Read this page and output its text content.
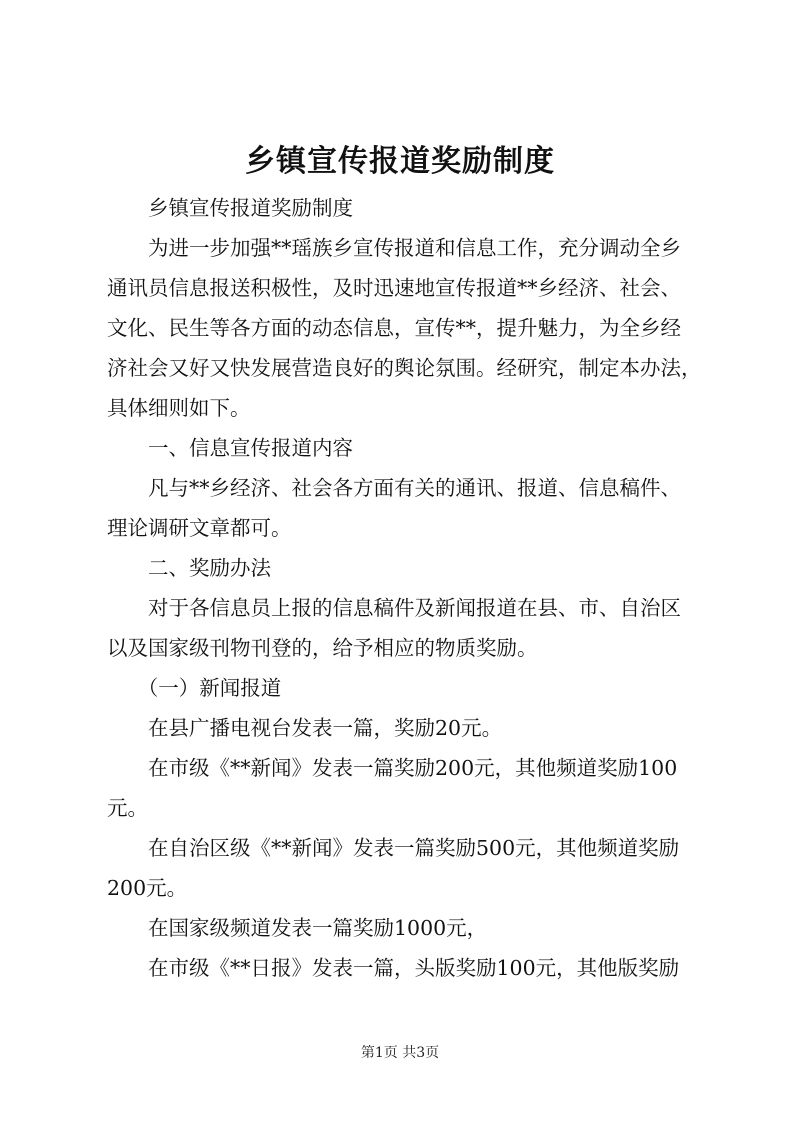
乡镇宣传报道奖励制度

乡镇宣传报道奖励制度

为进一步加强**瑶族乡宣传报道和信息工作，充分调动全乡
通讯员信息报送积极性，及时迅速地宣传报道**乡经济、社会、
文化、民生等各方面的动态信息，宣传**，提升魅力，为全乡经
济社会又好又快发展营造良好的舆论氛围。经研究，制定本办法，
具体细则如下。

一、信息宣传报道内容

凡与**乡经济、社会各方面有关的通讯、报道、信息稿件、
理论调研文章都可。

二、奖励办法

对于各信息员上报的信息稿件及新闻报道在县、市、自治区
以及国家级刊物刊登的，给予相应的物质奖励。

（一）新闻报道

在县广播电视台发表一篇，奖励20元。

在市级《**新闻》发表一篇奖励200元，其他频道奖励100
元。

在自治区级《**新闻》发表一篇奖励500元，其他频道奖励
200元。

在国家级频道发表一篇奖励1000元，

在市级《**日报》发表一篇，头版奖励100元，其他版奖励

第1页 共3页
